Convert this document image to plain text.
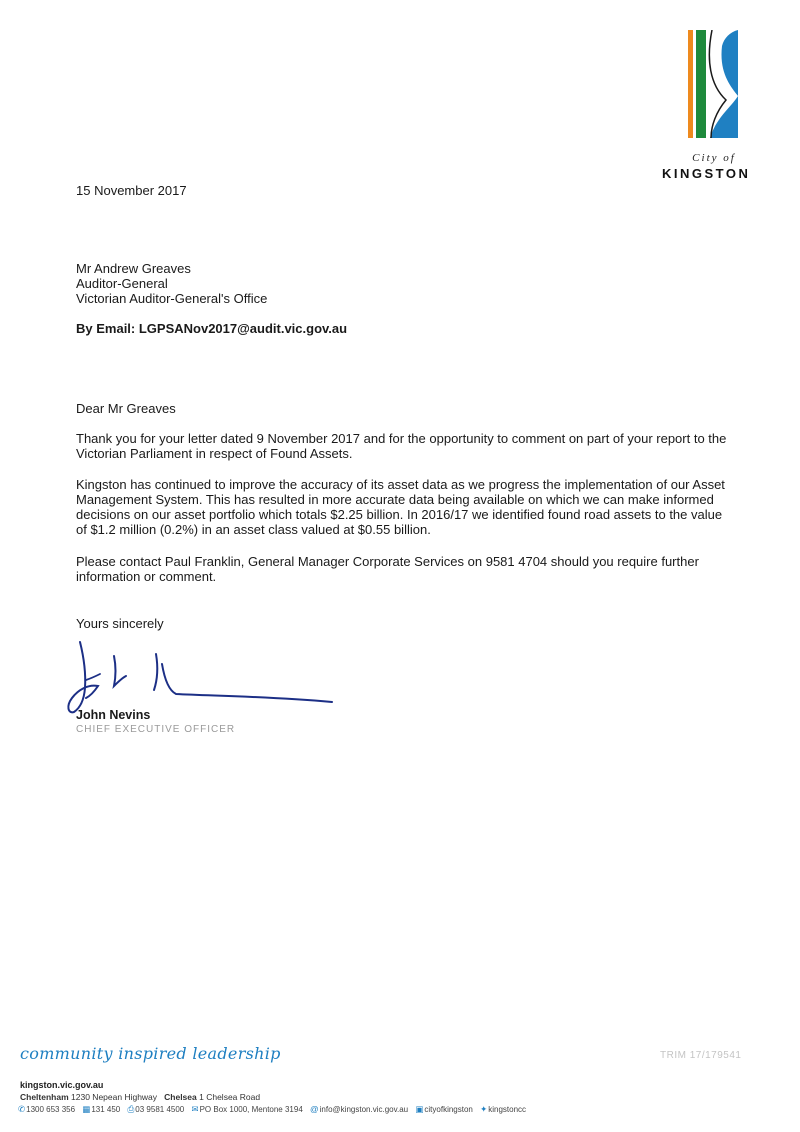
City of
KINGSTON
15 November 2017
Mr Andrew Greaves
Auditor-General
Victorian Auditor-General's Office
By Email: LGPSANov2017@audit.vic.gov.au
Dear Mr Greaves
Thank you for your letter dated 9 November 2017 and for the opportunity to comment on part of your report to the Victorian Parliament in respect of Found Assets.
Kingston has continued to improve the accuracy of its asset data as we progress the implementation of our Asset Management System. This has resulted in more accurate data being available on which we can make informed decisions on our asset portfolio which totals $2.25 billion. In 2016/17 we identified found road assets to the value of $1.2 million (0.2%) in an asset class valued at $0.55 billion.
Please contact Paul Franklin, General Manager Corporate Services on 9581 4704 should you require further information or comment.
Yours sincerely
John Nevins
CHIEF EXECUTIVE OFFICER
community inspired leadership	TRIM 17/179541
kingston.vic.gov.au
Cheltenham 1230 Nepean Highway Chelsea 1 Chelsea Road
✆1300 653 356 ▦131 450 ⎙03 9581 4500 ✉PO Box 1000, Mentone 3194 @info@kingston.vic.gov.au ▣cityofkingston ✦kingstoncc
